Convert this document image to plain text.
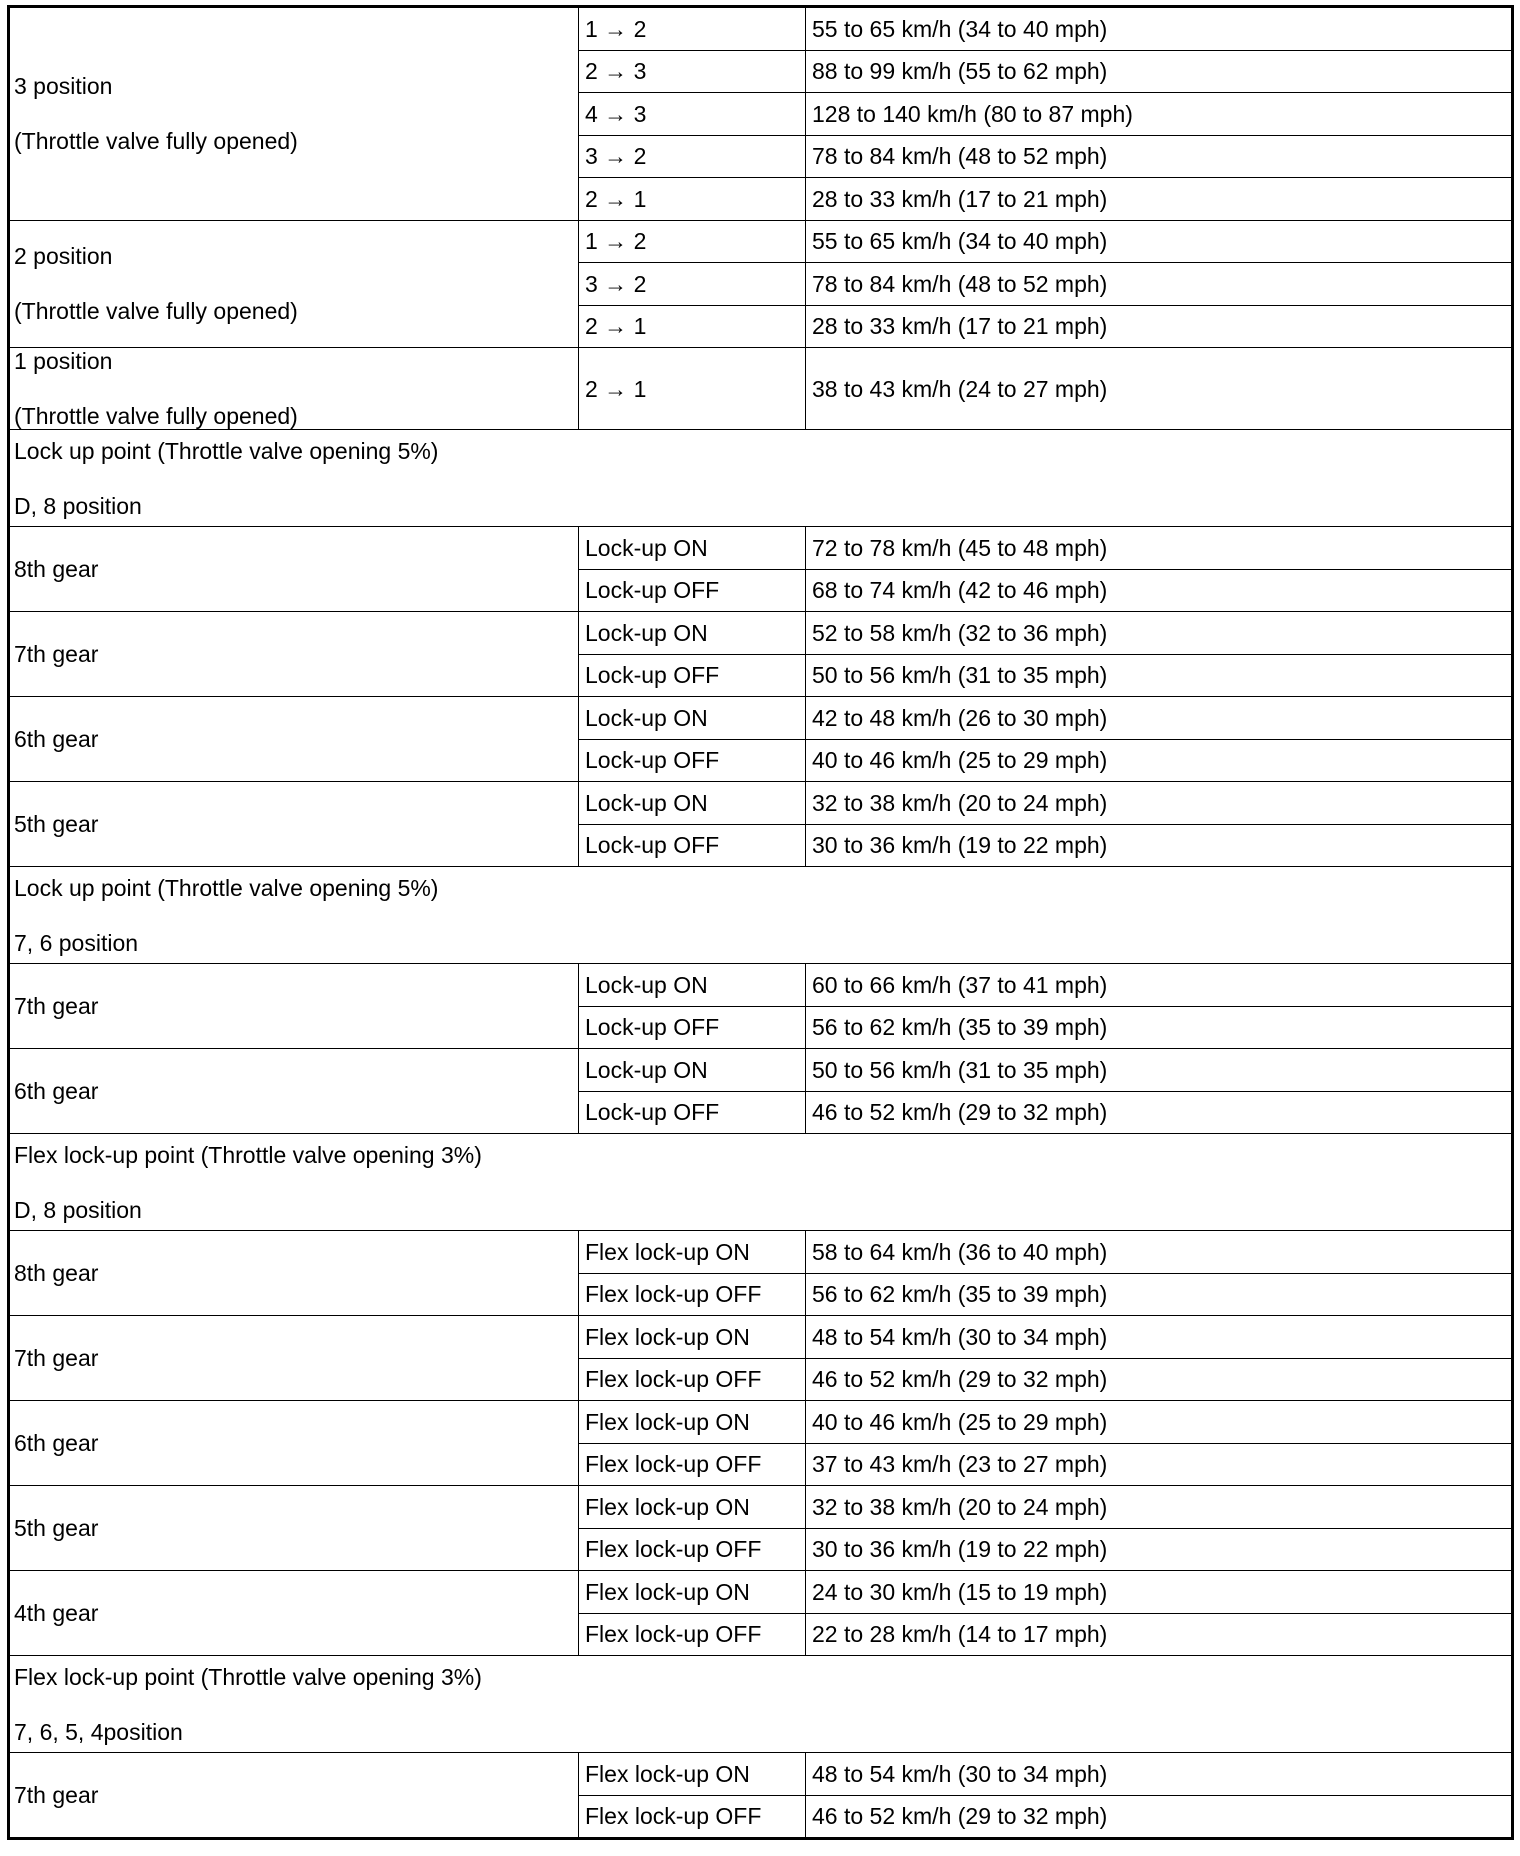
3 position
(Throttle valve fully opened)	1 → 2	55 to 65 km/h (34 to 40 mph)
	2 → 3	88 to 99 km/h (55 to 62 mph)
	4 → 3	128 to 140 km/h (80 to 87 mph)
	3 → 2	78 to 84 km/h (48 to 52 mph)
	2 → 1	28 to 33 km/h (17 to 21 mph)

2 position
(Throttle valve fully opened)	1 → 2	55 to 65 km/h (34 to 40 mph)
	3 → 2	78 to 84 km/h (48 to 52 mph)
	2 → 1	28 to 33 km/h (17 to 21 mph)

1 position
(Throttle valve fully opened)	2 → 1	38 to 43 km/h (24 to 27 mph)

Lock up point (Throttle valve opening 5%)
D, 8 position		

8th gear	Lock-up ON	72 to 78 km/h (45 to 48 mph)
	Lock-up OFF	68 to 74 km/h (42 to 46 mph)
7th gear	Lock-up ON	52 to 58 km/h (32 to 36 mph)
	Lock-up OFF	50 to 56 km/h (31 to 35 mph)
6th gear	Lock-up ON	42 to 48 km/h (26 to 30 mph)
	Lock-up OFF	40 to 46 km/h (25 to 29 mph)
5th gear	Lock-up ON	32 to 38 km/h (20 to 24 mph)
	Lock-up OFF	30 to 36 km/h (19 to 22 mph)

Lock up point (Throttle valve opening 5%)
7, 6 position		

7th gear	Lock-up ON	60 to 66 km/h (37 to 41 mph)
	Lock-up OFF	56 to 62 km/h (35 to 39 mph)
6th gear	Lock-up ON	50 to 56 km/h (31 to 35 mph)
	Lock-up OFF	46 to 52 km/h (29 to 32 mph)

Flex lock-up point (Throttle valve opening 3%)
D, 8 position		

8th gear	Flex lock-up ON	58 to 64 km/h (36 to 40 mph)
	Flex lock-up OFF	56 to 62 km/h (35 to 39 mph)
7th gear	Flex lock-up ON	48 to 54 km/h (30 to 34 mph)
	Flex lock-up OFF	46 to 52 km/h (29 to 32 mph)
6th gear	Flex lock-up ON	40 to 46 km/h (25 to 29 mph)
	Flex lock-up OFF	37 to 43 km/h (23 to 27 mph)
5th gear	Flex lock-up ON	32 to 38 km/h (20 to 24 mph)
	Flex lock-up OFF	30 to 36 km/h (19 to 22 mph)
4th gear	Flex lock-up ON	24 to 30 km/h (15 to 19 mph)
	Flex lock-up OFF	22 to 28 km/h (14 to 17 mph)

Flex lock-up point (Throttle valve opening 3%)
7, 6, 5, 4position		

7th gear	Flex lock-up ON	48 to 54 km/h (30 to 34 mph)
	Flex lock-up OFF	46 to 52 km/h (29 to 32 mph)
